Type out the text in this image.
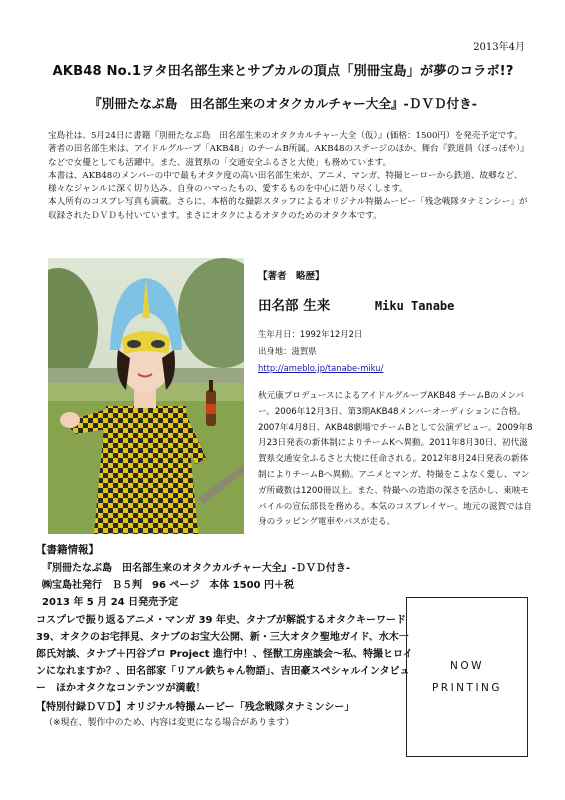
2013年4月
AKB48 No.1ヲタ田名部生来とサブカルの頂点「別冊宝島」が夢のコラボ!?
『別冊たなぶ島　田名部生来のオタクカルチャー大全』-ＤＶＤ付き-

宝島社は、5月24日に書籍『別冊たなぶ島　田名部生来のオタクカルチャー大全（仮）』(価格：1500円）を発売予定です。

著者の田名部生来は、アイドルグループ「AKB48」のチームB所属。AKB48のステージのほか、舞台『鉄道員（ぽっぽや）』などで女優としても活躍中。また、滋賀県の「交通安全ふるさと大使」も務めています。

本書は、AKB48のメンバーの中で最もオタク度の高い田名部生来が、アニメ、マンガ、特撮ヒーローから鉄道、故郷など、様々なジャンルに深く切り込み、自身のハマったもの、愛するものを中心に語り尽くします。

本人所有のコスプレ写真も満載。さらに、本格的な撮影スタッフによるオリジナル特撮ムービー「残念戦隊タナミンシー」が収録されたＤＶＤも付いています。まさにオタクによるオタクのためのオタク本です。

【著者　略歴】
田名部 生来	Miku Tanabe
生年月日：1992年12月2日
出身地：滋賀県
http://ameblo.jp/tanabe-miku/
秋元康プロデュースによるアイドルグループAKB48 チームBのメンバー。2006年12月3日、第3期AKB48メンバーオーディションに合格。2007年4月8日、AKB48劇場でチームBとして公演デビュー。2009年8月23日発表の新体制によりチームKへ異動。2011年8月30日、初代滋賀県交通安全ふるさと大使に任命される。2012年8月24日発表の新体制によりチームBへ異動。アニメとマンガ、特撮をこよなく愛し、マンガ所蔵数は1200冊以上。また、特撮への造詣の深さを活かし、東映モバイルの宣伝部長を務める。本気のコスプレイヤー。地元の滋賀では自身のラッピング電車やバスが走る。
【書籍情報】
『別冊たなぶ島　田名部生来のオタクカルチャー大全』-ＤＶＤ付き-
㈱宝島社発行　Ｂ５判　96 ページ　本体 1500 円＋税
2013 年 5 月 24 日発売予定
コスプレで振り返るアニメ・マンガ 39 年史、タナブが解説するオタクキーワード 39、オタクのお宅拝見、タナブのお宝大公開、新・三大オタク聖地ガイド、水木一郎氏対談、タナブ＋円谷プロ Project 進行中！、怪獣工房座談会〜私、特撮ヒロインになれますか？、田名部家「リアル鉄ちゃん物語」、吉田豪スペシャルインタビュー　ほかオタクなコンテンツが満載！
【特別付録ＤＶＤ】オリジナル特撮ムービー「残念戦隊タナミンシー」
（※現在、製作中のため、内容は変更になる場合があります）
NOW
PRINTING
